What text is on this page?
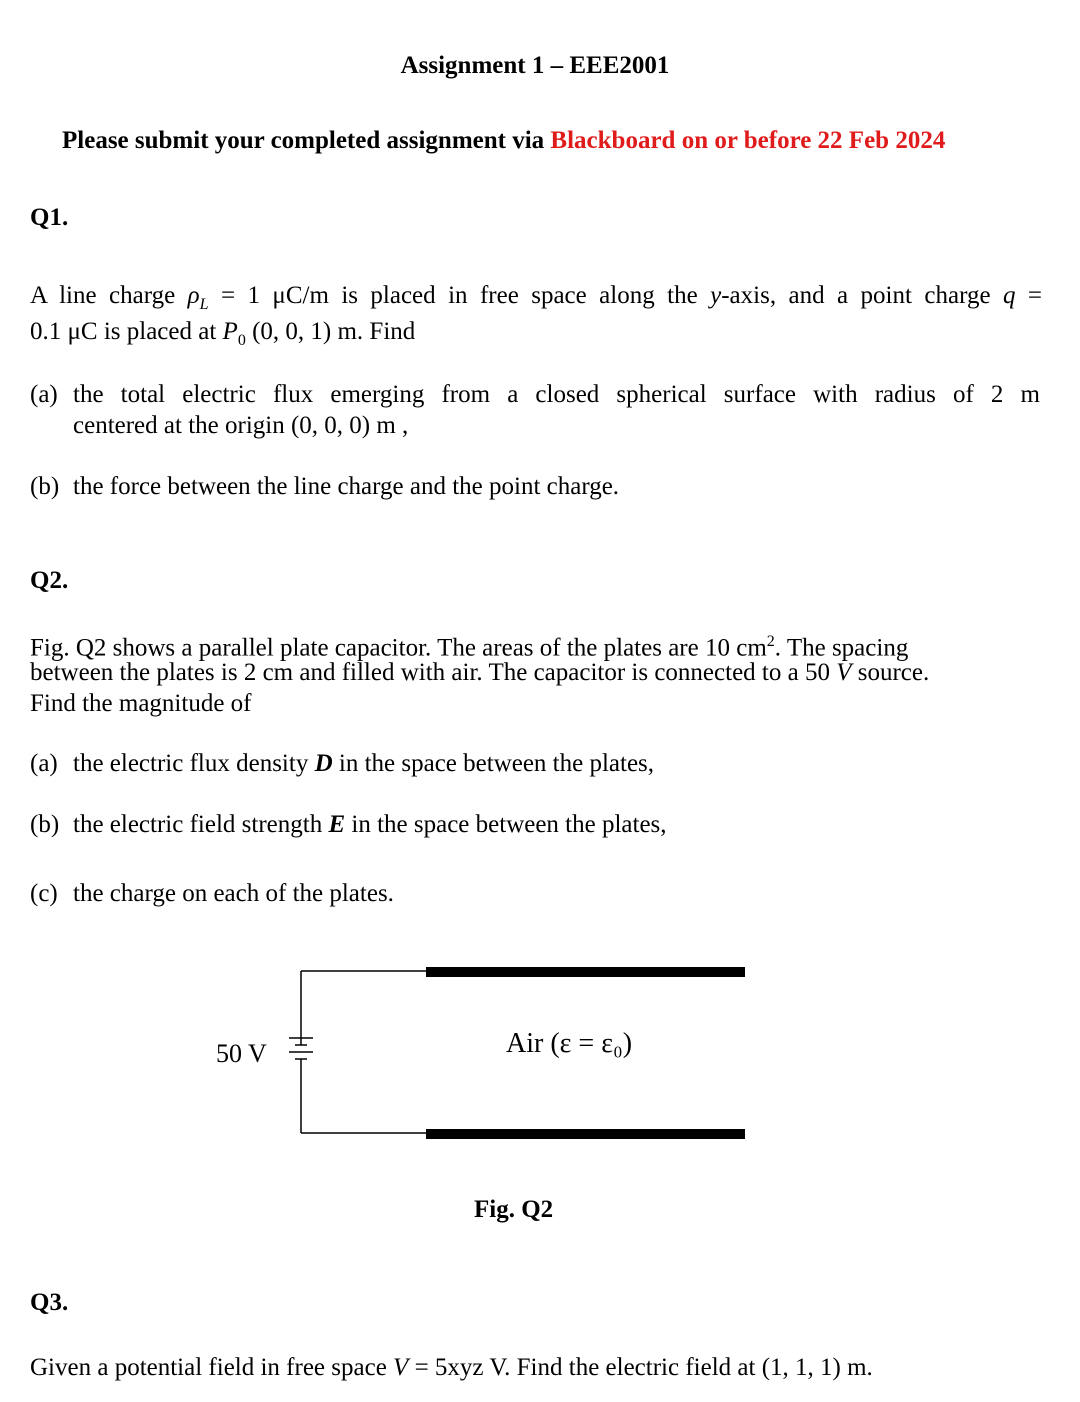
Assignment 1 – EEE2001
Please submit your completed assignment via Blackboard on or before 22 Feb 2024
Q1.
A line charge $\rho_L = 1$ μC/m is placed in free space along the y-axis, and a point charge q =
0.1 μC is placed at $P_0$ (0, 0, 1) m. Find
(a) the total electric flux emerging from a closed spherical surface with radius of 2 m
centered at the origin (0, 0, 0) m ,
(b) the force between the line charge and the point charge.
Q2.
Fig. Q2 shows a parallel plate capacitor. The areas of the plates are 10 $cm^2$. The spacing
between the plates is 2 cm and filled with air. The capacitor is connected to a 50 V source.
Find the magnitude of
(a) the electric flux density D in the space between the plates,
(b) the electric field strength E in the space between the plates,
(c) the charge on each of the plates.
50 V	Air (ε = ε₀)
Fig. Q2
Q3.
Given a potential field in free space V = 5xyz V. Find the electric field at (1, 1, 1) m.
